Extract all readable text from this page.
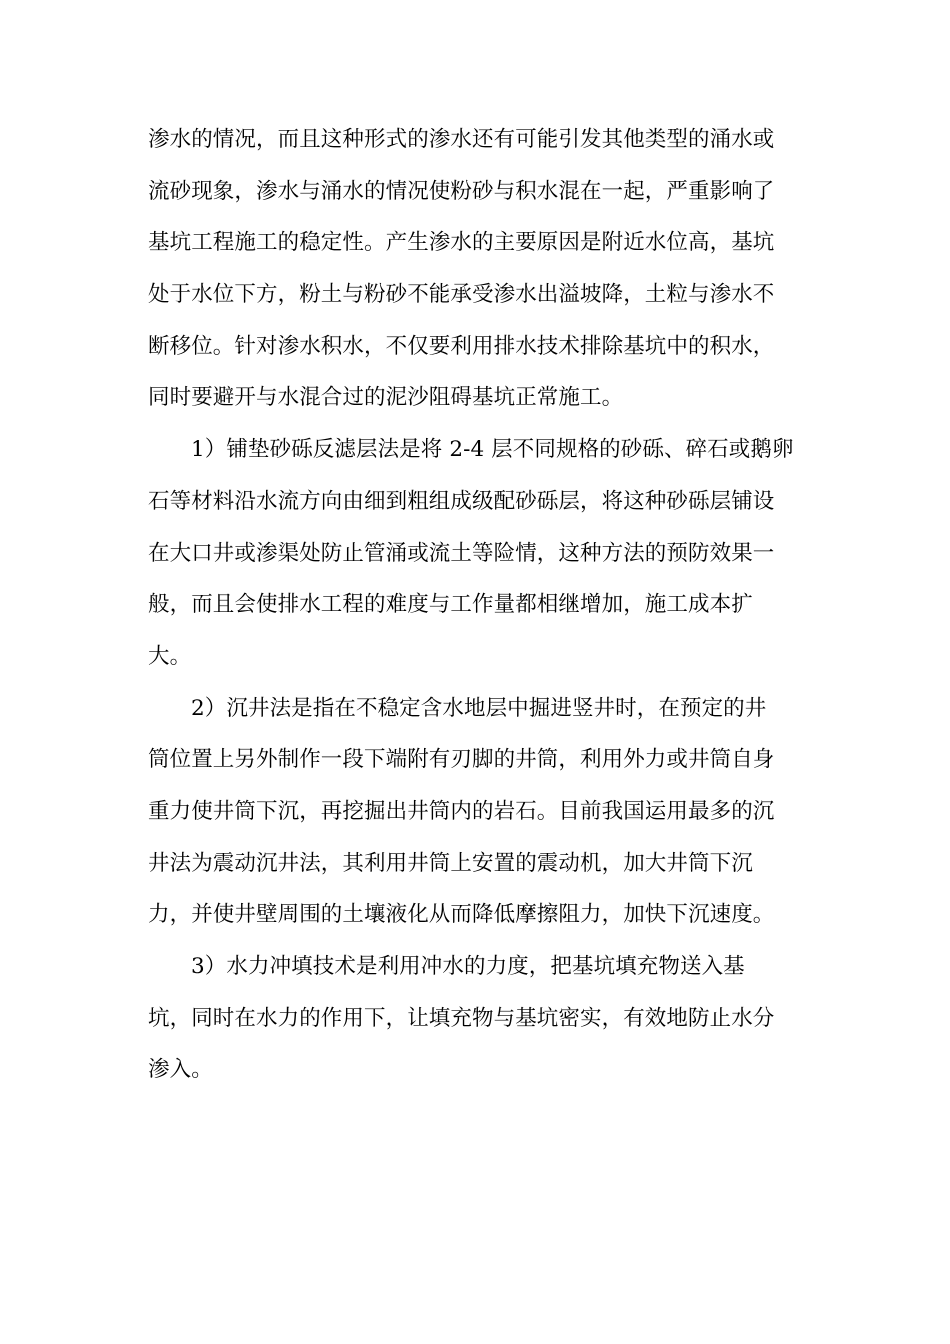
渗水的情况，而且这种形式的渗水还有可能引发其他类型的涌水或
流砂现象，渗水与涌水的情况使粉砂与积水混在一起，严重影响了
基坑工程施工的稳定性。产生渗水的主要原因是附近水位高，基坑
处于水位下方，粉土与粉砂不能承受渗水出溢坡降，土粒与渗水不
断移位。针对渗水积水，不仅要利用排水技术排除基坑中的积水，
同时要避开与水混合过的泥沙阻碍基坑正常施工。
1）铺垫砂砾反滤层法是将 2-4 层不同规格的砂砾、碎石或鹅卵
石等材料沿水流方向由细到粗组成级配砂砾层，将这种砂砾层铺设
在大口井或渗渠处防止管涌或流土等险情，这种方法的预防效果一
般，而且会使排水工程的难度与工作量都相继增加，施工成本扩
大。
2）沉井法是指在不稳定含水地层中掘进竖井时，在预定的井
筒位置上另外制作一段下端附有刃脚的井筒，利用外力或井筒自身
重力使井筒下沉，再挖掘出井筒内的岩石。目前我国运用最多的沉
井法为震动沉井法，其利用井筒上安置的震动机，加大井筒下沉
力，并使井壁周围的土壤液化从而降低摩擦阻力，加快下沉速度。
3）水力冲填技术是利用冲水的力度，把基坑填充物送入基
坑，同时在水力的作用下，让填充物与基坑密实，有效地防止水分
渗入。
